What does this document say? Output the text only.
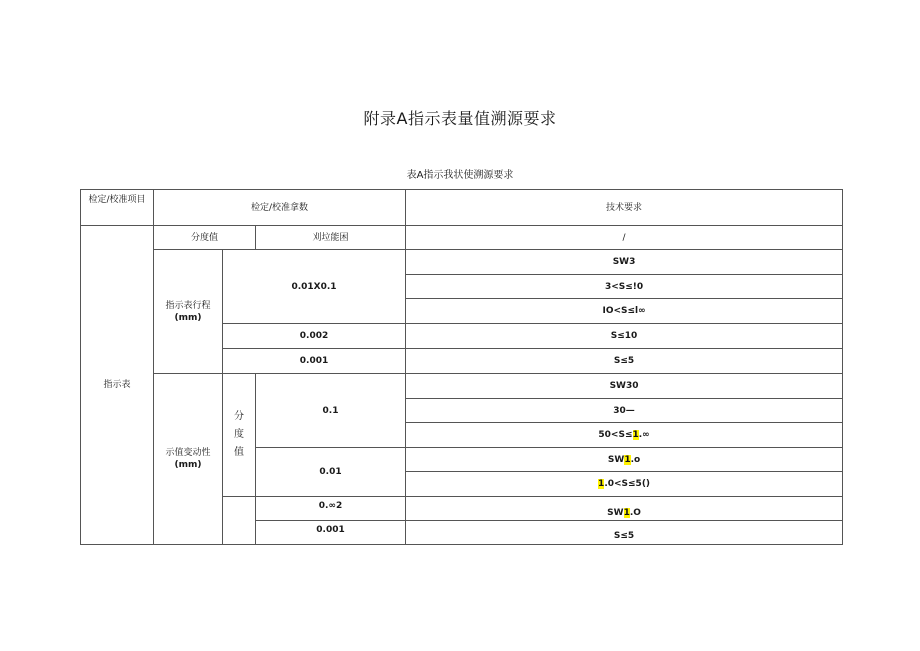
附录A指示表量值溯源要求
表A指示我状使溯源要求
检定/校准项目	检定/校准拿数			技术要求	
指示表	分度值		刈垃能困	/	

	指示表行程
(mm)	0.01X0.1		SW3	
				3<S≤!0	
				IO<S≤l∞	
		0.002		S≤10	
		0.001		S≤5	

	示值变动性
(mm)	分度值	0.1	SW30	
				30—	
				50<S≤1.∞	
			0.01	SW1.o	
				1.0<S≤5()	
			0.∞2	SW1.O	
			0.001	S≤5	
